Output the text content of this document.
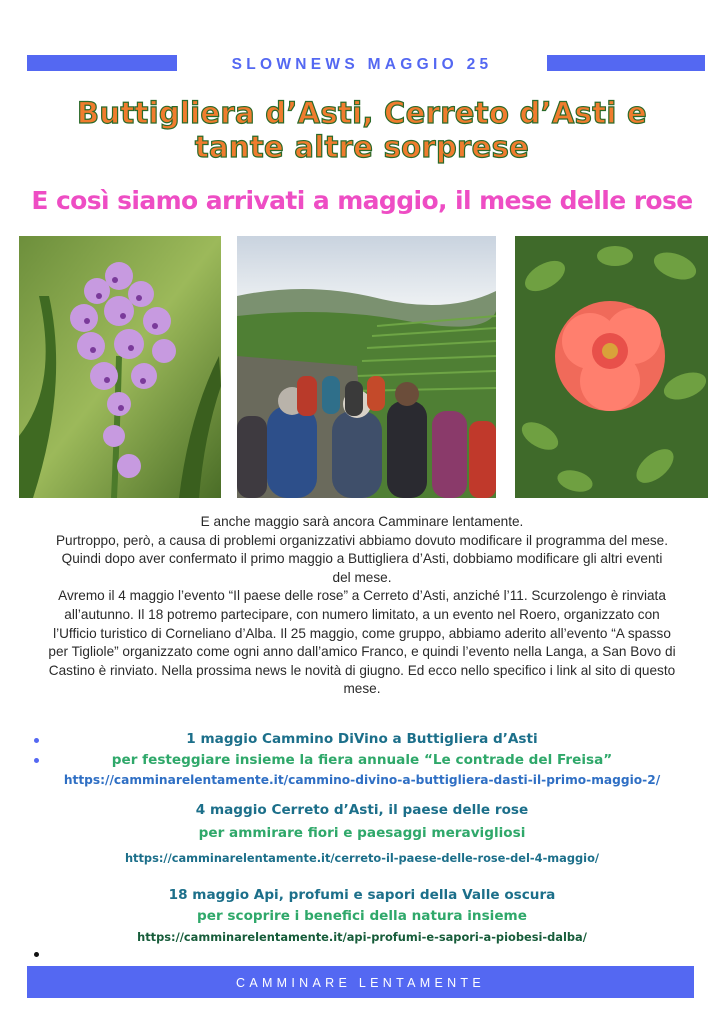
SLOWNEWS MAGGIO 25
Buttigliera d’Asti, Cerreto d’Asti e
tante altre sorprese
E così siamo arrivati a maggio, il mese delle rose
E anche maggio sarà ancora Camminare lentamente.
Purtroppo, però, a causa di problemi organizzativi abbiamo dovuto modificare il programma del mese.
Quindi dopo aver confermato il primo maggio a Buttigliera d’Asti, dobbiamo modificare gli altri eventi
del mese.
Avremo il 4 maggio l’evento “Il paese delle rose” a Cerreto d’Asti, anziché l’11. Scurzolengo è rinviata
all’autunno. Il 18 potremo partecipare, con numero limitato, a un evento nel Roero, organizzato con
l’Ufficio turistico di Corneliano d’Alba. Il 25 maggio, come gruppo, abbiamo aderito all’evento “A spasso
per Tigliole” organizzato come ogni anno dall’amico Franco, e quindi l’evento nella Langa, a San Bovo di
Castino è rinviato. Nella prossima news le novità di giugno. Ed ecco nello specifico i link al sito di questo
mese.
1 maggio Cammino DiVino a Buttigliera d’Asti
per festeggiare insieme la fiera annuale “Le contrade del Freisa”
https://camminarelentamente.it/cammino-divino-a-buttigliera-dasti-il-primo-maggio-2/
4 maggio Cerreto d’Asti, il paese delle rose
per ammirare fiori e paesaggi meravigliosi
https://camminarelentamente.it/cerreto-il-paese-delle-rose-del-4-maggio/
18 maggio Api, profumi e sapori della Valle oscura
per scoprire i benefici della natura insieme
https://camminarelentamente.it/api-profumi-e-sapori-a-piobesi-dalba/
CAMMINARE LENTAMENTE
